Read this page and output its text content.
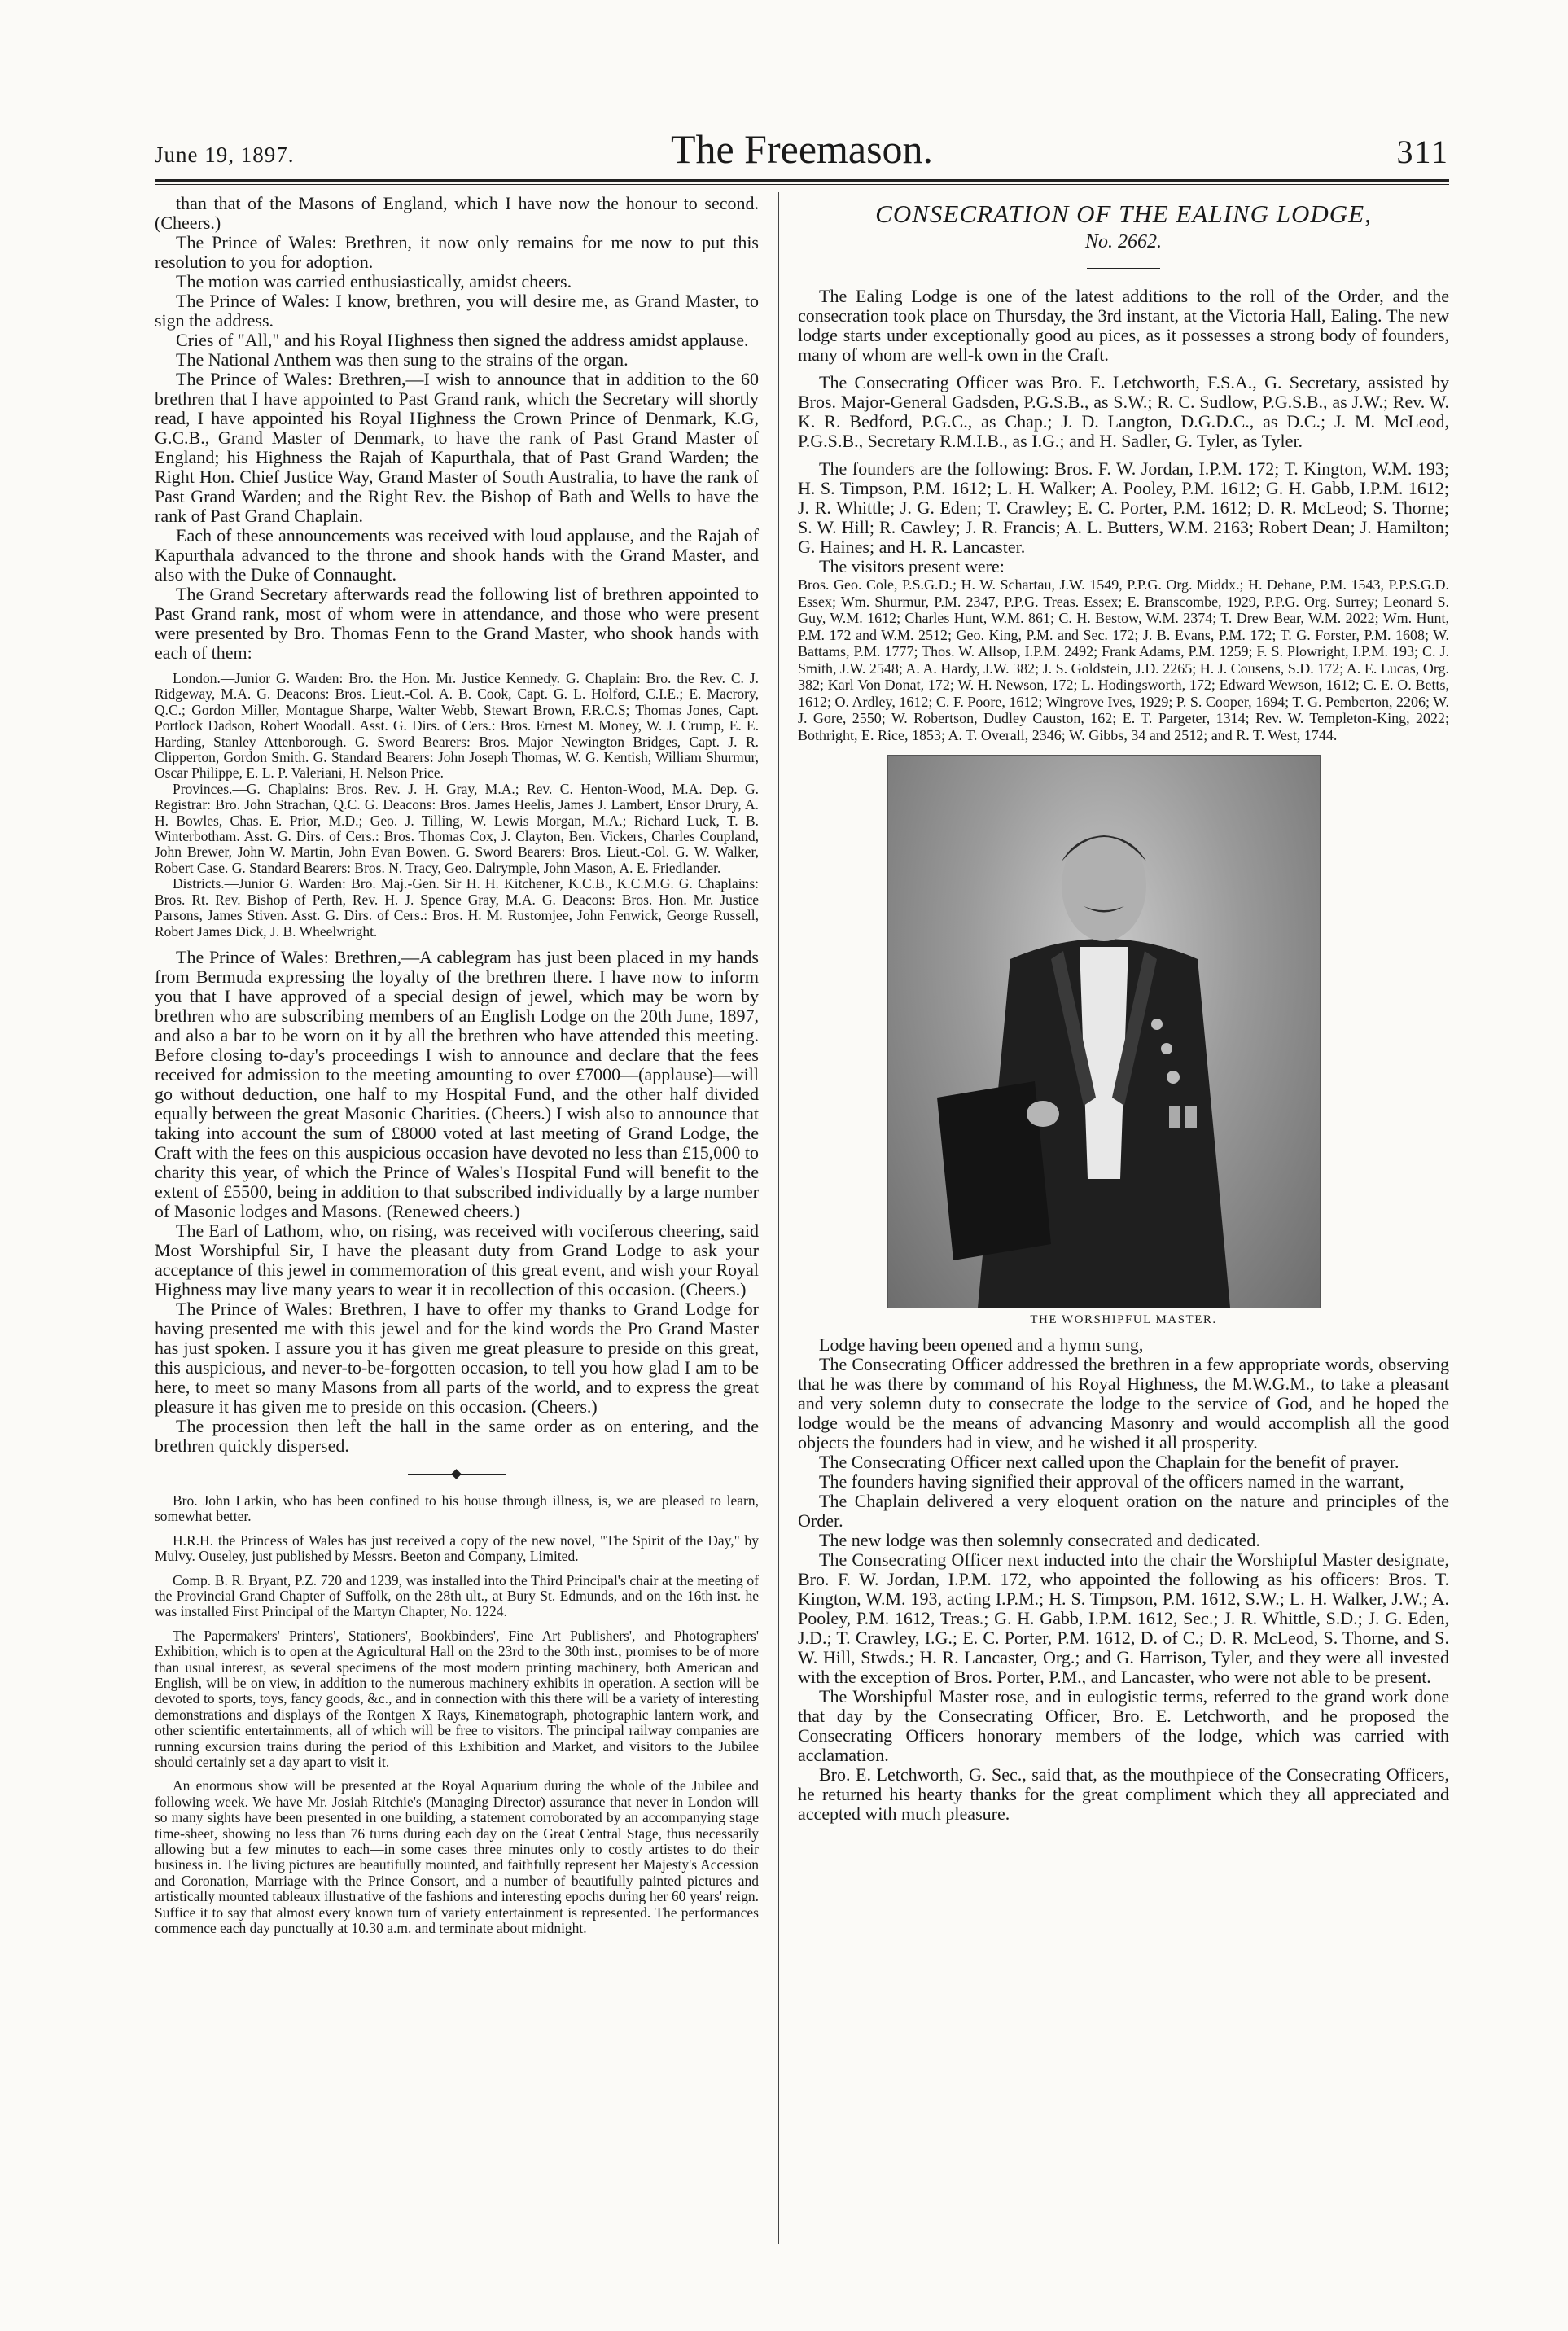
June 19, 1897.	The Freemason.	311

than that of the Masons of England, which I have now the honour to second. (Cheers.)

The Prince of Wales: Brethren, it now only remains for me now to put this resolution to you for adoption.

The motion was carried enthusiastically, amidst cheers.

The Prince of Wales: I know, brethren, you will desire me, as Grand Master, to sign the address.

Cries of "All," and his Royal Highness then signed the address amidst applause.

The National Anthem was then sung to the strains of the organ.

The Prince of Wales: Brethren,—I wish to announce that in addition to the 60 brethren that I have appointed to Past Grand rank, which the Secretary will shortly read, I have appointed his Royal Highness the Crown Prince of Denmark, K.G, G.C.B., Grand Master of Denmark, to have the rank of Past Grand Master of England; his Highness the Rajah of Kapurthala, that of Past Grand Warden; the Right Hon. Chief Justice Way, Grand Master of South Australia, to have the rank of Past Grand Warden; and the Right Rev. the Bishop of Bath and Wells to have the rank of Past Grand Chaplain.

Each of these announcements was received with loud applause, and the Rajah of Kapurthala advanced to the throne and shook hands with the Grand Master, and also with the Duke of Connaught.

The Grand Secretary afterwards read the following list of brethren appointed to Past Grand rank, most of whom were in attendance, and those who were present were presented by Bro. Thomas Fenn to the Grand Master, who shook hands with each of them:

London.—Junior G. Warden: Bro. the Hon. Mr. Justice Kennedy. G. Chaplain: Bro. the Rev. C. J. Ridgeway, M.A. G. Deacons: Bros. Lieut.-Col. A. B. Cook, Capt. G. L. Holford, C.I.E.; E. Macrory, Q.C.; Gordon Miller, Montague Sharpe, Walter Webb, Stewart Brown, F.R.C.S; Thomas Jones, Capt. Portlock Dadson, Robert Woodall. Asst. G. Dirs. of Cers.: Bros. Ernest M. Money, W. J. Crump, E. E. Harding, Stanley Attenborough. G. Sword Bearers: Bros. Major Newington Bridges, Capt. J. R. Clipperton, Gordon Smith. G. Standard Bearers: John Joseph Thomas, W. G. Kentish, William Shurmur, Oscar Philippe, E. L. P. Valeriani, H. Nelson Price.

Provinces.—G. Chaplains: Bros. Rev. J. H. Gray, M.A.; Rev. C. Henton-Wood, M.A. Dep. G. Registrar: Bro. John Strachan, Q.C. G. Deacons: Bros. James Heelis, James J. Lambert, Ensor Drury, A. H. Bowles, Chas. E. Prior, M.D.; Geo. J. Tilling, W. Lewis Morgan, M.A.; Richard Luck, T. B. Winterbotham. Asst. G. Dirs. of Cers.: Bros. Thomas Cox, J. Clayton, Ben. Vickers, Charles Coupland, John Brewer, John W. Martin, John Evan Bowen. G. Sword Bearers: Bros. Lieut.-Col. G. W. Walker, Robert Case. G. Standard Bearers: Bros. N. Tracy, Geo. Dalrymple, John Mason, A. E. Friedlander.

Districts.—Junior G. Warden: Bro. Maj.-Gen. Sir H. H. Kitchener, K.C.B., K.C.M.G. G. Chaplains: Bros. Rt. Rev. Bishop of Perth, Rev. H. J. Spence Gray, M.A. G. Deacons: Bros. Hon. Mr. Justice Parsons, James Stiven. Asst. G. Dirs. of Cers.: Bros. H. M. Rustomjee, John Fenwick, George Russell, Robert James Dick, J. B. Wheelwright.

The Prince of Wales: Brethren,—A cablegram has just been placed in my hands from Bermuda expressing the loyalty of the brethren there. I have now to inform you that I have approved of a special design of jewel, which may be worn by brethren who are subscribing members of an English Lodge on the 20th June, 1897, and also a bar to be worn on it by all the brethren who have attended this meeting. Before closing to-day's proceedings I wish to announce and declare that the fees received for admission to the meeting amounting to over £7000—(applause)—will go without deduction, one half to my Hospital Fund, and the other half divided equally between the great Masonic Charities. (Cheers.) I wish also to announce that taking into account the sum of £8000 voted at last meeting of Grand Lodge, the Craft with the fees on this auspicious occasion have devoted no less than £15,000 to charity this year, of which the Prince of Wales's Hospital Fund will benefit to the extent of £5500, being in addition to that subscribed individually by a large number of Masonic lodges and Masons. (Renewed cheers.)

The Earl of Lathom, who, on rising, was received with vociferous cheering, said Most Worshipful Sir, I have the pleasant duty from Grand Lodge to ask your acceptance of this jewel in commemoration of this great event, and wish your Royal Highness may live many years to wear it in recollection of this occasion. (Cheers.)

The Prince of Wales: Brethren, I have to offer my thanks to Grand Lodge for having presented me with this jewel and for the kind words the Pro Grand Master has just spoken. I assure you it has given me great pleasure to preside on this great, this auspicious, and never-to-be-forgotten occasion, to tell you how glad I am to be here, to meet so many Masons from all parts of the world, and to express the great pleasure it has given me to preside on this occasion. (Cheers.)

The procession then left the hall in the same order as on entering, and the brethren quickly dispersed.

Bro. John Larkin, who has been confined to his house through illness, is, we are pleased to learn, somewhat better.

H.R.H. the Princess of Wales has just received a copy of the new novel, "The Spirit of the Day," by Mulvy. Ouseley, just published by Messrs. Beeton and Company, Limited.

Comp. B. R. Bryant, P.Z. 720 and 1239, was installed into the Third Principal's chair at the meeting of the Provincial Grand Chapter of Suffolk, on the 28th ult., at Bury St. Edmunds, and on the 16th inst. he was installed First Principal of the Martyn Chapter, No. 1224.

The Papermakers' Printers', Stationers', Bookbinders', Fine Art Publishers', and Photographers' Exhibition, which is to open at the Agricultural Hall on the 23rd to the 30th inst., promises to be of more than usual interest, as several specimens of the most modern printing machinery, both American and English, will be on view, in addition to the numerous machinery exhibits in operation. A section will be devoted to sports, toys, fancy goods, &c., and in connection with this there will be a variety of interesting demonstrations and displays of the Rontgen X Rays, Kinematograph, photographic lantern work, and other scientific entertainments, all of which will be free to visitors. The principal railway companies are running excursion trains during the period of this Exhibition and Market, and visitors to the Jubilee should certainly set a day apart to visit it.

An enormous show will be presented at the Royal Aquarium during the whole of the Jubilee and following week. We have Mr. Josiah Ritchie's (Managing Director) assurance that never in London will so many sights have been presented in one building, a statement corroborated by an accompanying stage time-sheet, showing no less than 76 turns during each day on the Great Central Stage, thus necessarily allowing but a few minutes to each—in some cases three minutes only to costly artistes to do their business in. The living pictures are beautifully mounted, and faithfully represent her Majesty's Accession and Coronation, Marriage with the Prince Consort, and a number of beautifully painted pictures and artistically mounted tableaux illustrative of the fashions and interesting epochs during her 60 years' reign. Suffice it to say that almost every known turn of variety entertainment is represented. The performances commence each day punctually at 10.30 a.m. and terminate about midnight.

CONSECRATION OF THE EALING LODGE,
No. 2662.

The Ealing Lodge is one of the latest additions to the roll of the Order, and the consecration took place on Thursday, the 3rd instant, at the Victoria Hall, Ealing. The new lodge starts under exceptionally good au pices, as it possesses a strong body of founders, many of whom are well-k own in the Craft.

The Consecrating Officer was Bro. E. Letchworth, F.S.A., G. Secretary, assisted by Bros. Major-General Gadsden, P.G.S.B., as S.W.; R. C. Sudlow, P.G.S.B., as J.W.; Rev. W. K. R. Bedford, P.G.C., as Chap.; J. D. Langton, D.G.D.C., as D.C.; J. M. McLeod, P.G.S.B., Secretary R.M.I.B., as I.G.; and H. Sadler, G. Tyler, as Tyler.

The founders are the following: Bros. F. W. Jordan, I.P.M. 172; T. Kington, W.M. 193; H. S. Timpson, P.M. 1612; L. H. Walker; A. Pooley, P.M. 1612; G. H. Gabb, I.P.M. 1612; J. R. Whittle; J. G. Eden; T. Crawley; E. C. Porter, P.M. 1612; D. R. McLeod; S. Thorne; S. W. Hill; R. Cawley; J. R. Francis; A. L. Butters, W.M. 2163; Robert Dean; J. Hamilton; G. Haines; and H. R. Lancaster.

The visitors present were:

Bros. Geo. Cole, P.S.G.D.; H. W. Schartau, J.W. 1549, P.P.G. Org. Middx.; H. Dehane, P.M. 1543, P.P.S.G.D. Essex; Wm. Shurmur, P.M. 2347, P.P.G. Treas. Essex; E. Branscombe, 1929, P.P.G. Org. Surrey; Leonard S. Guy, W.M. 1612; Charles Hunt, W.M. 861; C. H. Bestow, W.M. 2374; T. Drew Bear, W.M. 2022; Wm. Hunt, P.M. 172 and W.M. 2512; Geo. King, P.M. and Sec. 172; J. B. Evans, P.M. 172; T. G. Forster, P.M. 1608; W. Battams, P.M. 1777; Thos. W. Allsop, I.P.M. 2492; Frank Adams, P.M. 1259; F. S. Plowright, I.P.M. 193; C. J. Smith, J.W. 2548; A. A. Hardy, J.W. 382; J. S. Goldstein, J.D. 2265; H. J. Cousens, S.D. 172; A. E. Lucas, Org. 382; Karl Von Donat, 172; W. H. Newson, 172; L. Hodingsworth, 172; Edward Wewson, 1612; C. E. O. Betts, 1612; O. Ardley, 1612; C. F. Poore, 1612; Wingrove Ives, 1929; P. S. Cooper, 1694; T. G. Pemberton, 2206; W. J. Gore, 2550; W. Robertson, Dudley Causton, 162; E. T. Pargeter, 1314; Rev. W. Templeton-King, 2022; Bothright, E. Rice, 1853; A. T. Overall, 2346; W. Gibbs, 34 and 2512; and R. T. West, 1744.

THE WORSHIPFUL MASTER.

Lodge having been opened and a hymn sung,

The Consecrating Officer addressed the brethren in a few appropriate words, observing that he was there by command of his Royal Highness, the M.W.G.M., to take a pleasant and very solemn duty to consecrate the lodge to the service of God, and he hoped the lodge would be the means of advancing Masonry and would accomplish all the good objects the founders had in view, and he wished it all prosperity.

The Consecrating Officer next called upon the Chaplain for the benefit of prayer.

The founders having signified their approval of the officers named in the warrant,

The Chaplain delivered a very eloquent oration on the nature and principles of the Order.

The new lodge was then solemnly consecrated and dedicated.

The Consecrating Officer next inducted into the chair the Worshipful Master designate, Bro. F. W. Jordan, I.P.M. 172, who appointed the following as his officers: Bros. T. Kington, W.M. 193, acting I.P.M.; H. S. Timpson, P.M. 1612, S.W.; L. H. Walker, J.W.; A. Pooley, P.M. 1612, Treas.; G. H. Gabb, I.P.M. 1612, Sec.; J. R. Whittle, S.D.; J. G. Eden, J.D.; T. Crawley, I.G.; E. C. Porter, P.M. 1612, D. of C.; D. R. McLeod, S. Thorne, and S. W. Hill, Stwds.; H. R. Lancaster, Org.; and G. Harrison, Tyler, and they were all invested with the exception of Bros. Porter, P.M., and Lancaster, who were not able to be present.

The Worshipful Master rose, and in eulogistic terms, referred to the grand work done that day by the Consecrating Officer, Bro. E. Letchworth, and he proposed the Consecrating Officers honorary members of the lodge, which was carried with acclamation.

Bro. E. Letchworth, G. Sec., said that, as the mouthpiece of the Consecrating Officers, he returned his hearty thanks for the great compliment which they all appreciated and accepted with much pleasure.
